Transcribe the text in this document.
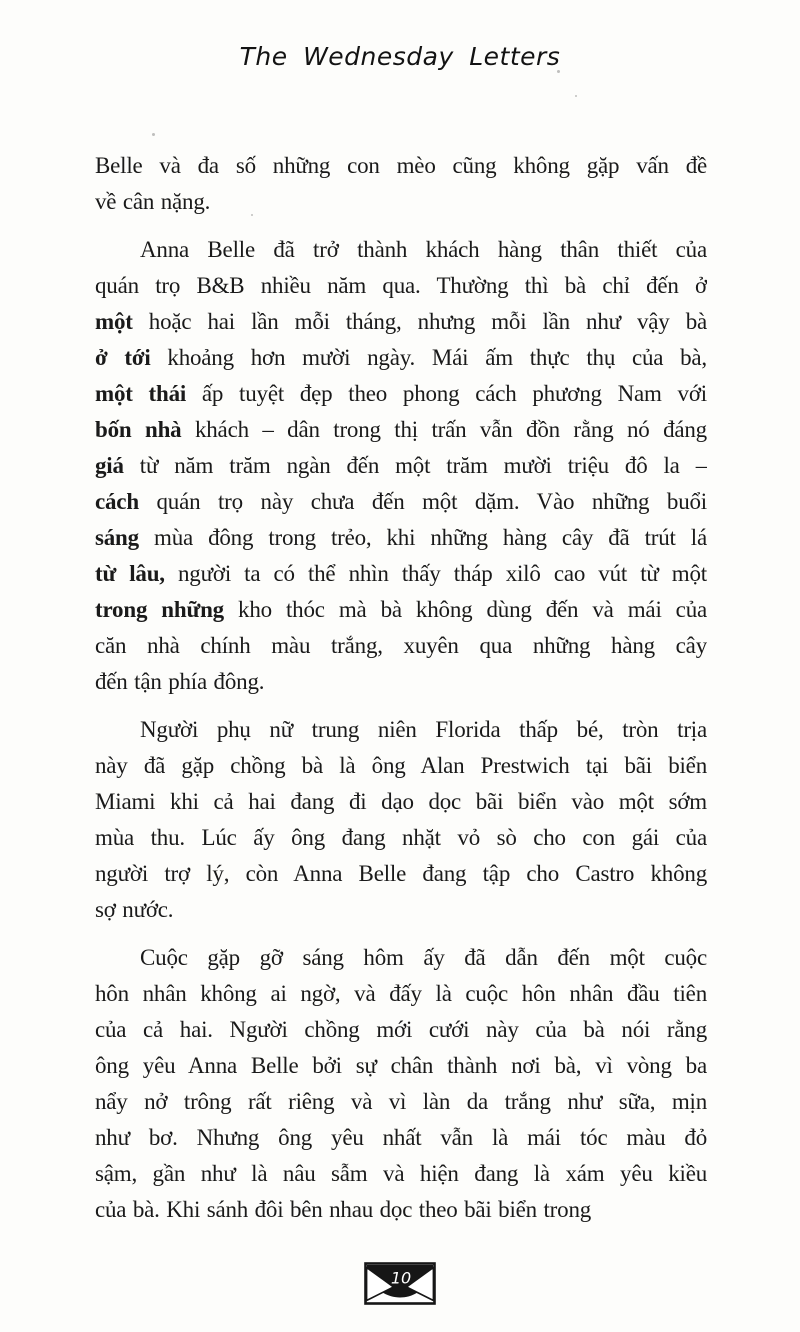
The Wednesday Letters
Belle và đa số những con mèo cũng không gặp vấn đề
về cân nặng.
Anna Belle đã trở thành khách hàng thân thiết của
quán trọ B&B nhiều năm qua. Thường thì bà chỉ đến ở
một hoặc hai lần mỗi tháng, nhưng mỗi lần như vậy bà
ở tới khoảng hơn mười ngày. Mái ấm thực thụ của bà,
một thái ấp tuyệt đẹp theo phong cách phương Nam với
bốn nhà khách – dân trong thị trấn vẫn đồn rằng nó đáng
giá từ năm trăm ngàn đến một trăm mười triệu đô la –
cách quán trọ này chưa đến một dặm. Vào những buổi
sáng mùa đông trong trẻo, khi những hàng cây đã trút lá
từ lâu, người ta có thể nhìn thấy tháp xilô cao vút từ một
trong những kho thóc mà bà không dùng đến và mái của
căn nhà chính màu trắng, xuyên qua những hàng cây
đến tận phía đông.
Người phụ nữ trung niên Florida thấp bé, tròn trịa
này đã gặp chồng bà là ông Alan Prestwich tại bãi biển
Miami khi cả hai đang đi dạo dọc bãi biển vào một sớm
mùa thu. Lúc ấy ông đang nhặt vỏ sò cho con gái của
người trợ lý, còn Anna Belle đang tập cho Castro không
sợ nước.
Cuộc gặp gỡ sáng hôm ấy đã dẫn đến một cuộc
hôn nhân không ai ngờ, và đấy là cuộc hôn nhân đầu tiên
của cả hai. Người chồng mới cưới này của bà nói rằng
ông yêu Anna Belle bởi sự chân thành nơi bà, vì vòng ba
nẩy nở trông rất riêng và vì làn da trắng như sữa, mịn
như bơ. Nhưng ông yêu nhất vẫn là mái tóc màu đỏ
sậm, gần như là nâu sẫm và hiện đang là xám yêu kiều
của bà. Khi sánh đôi bên nhau dọc theo bãi biển trong
10
